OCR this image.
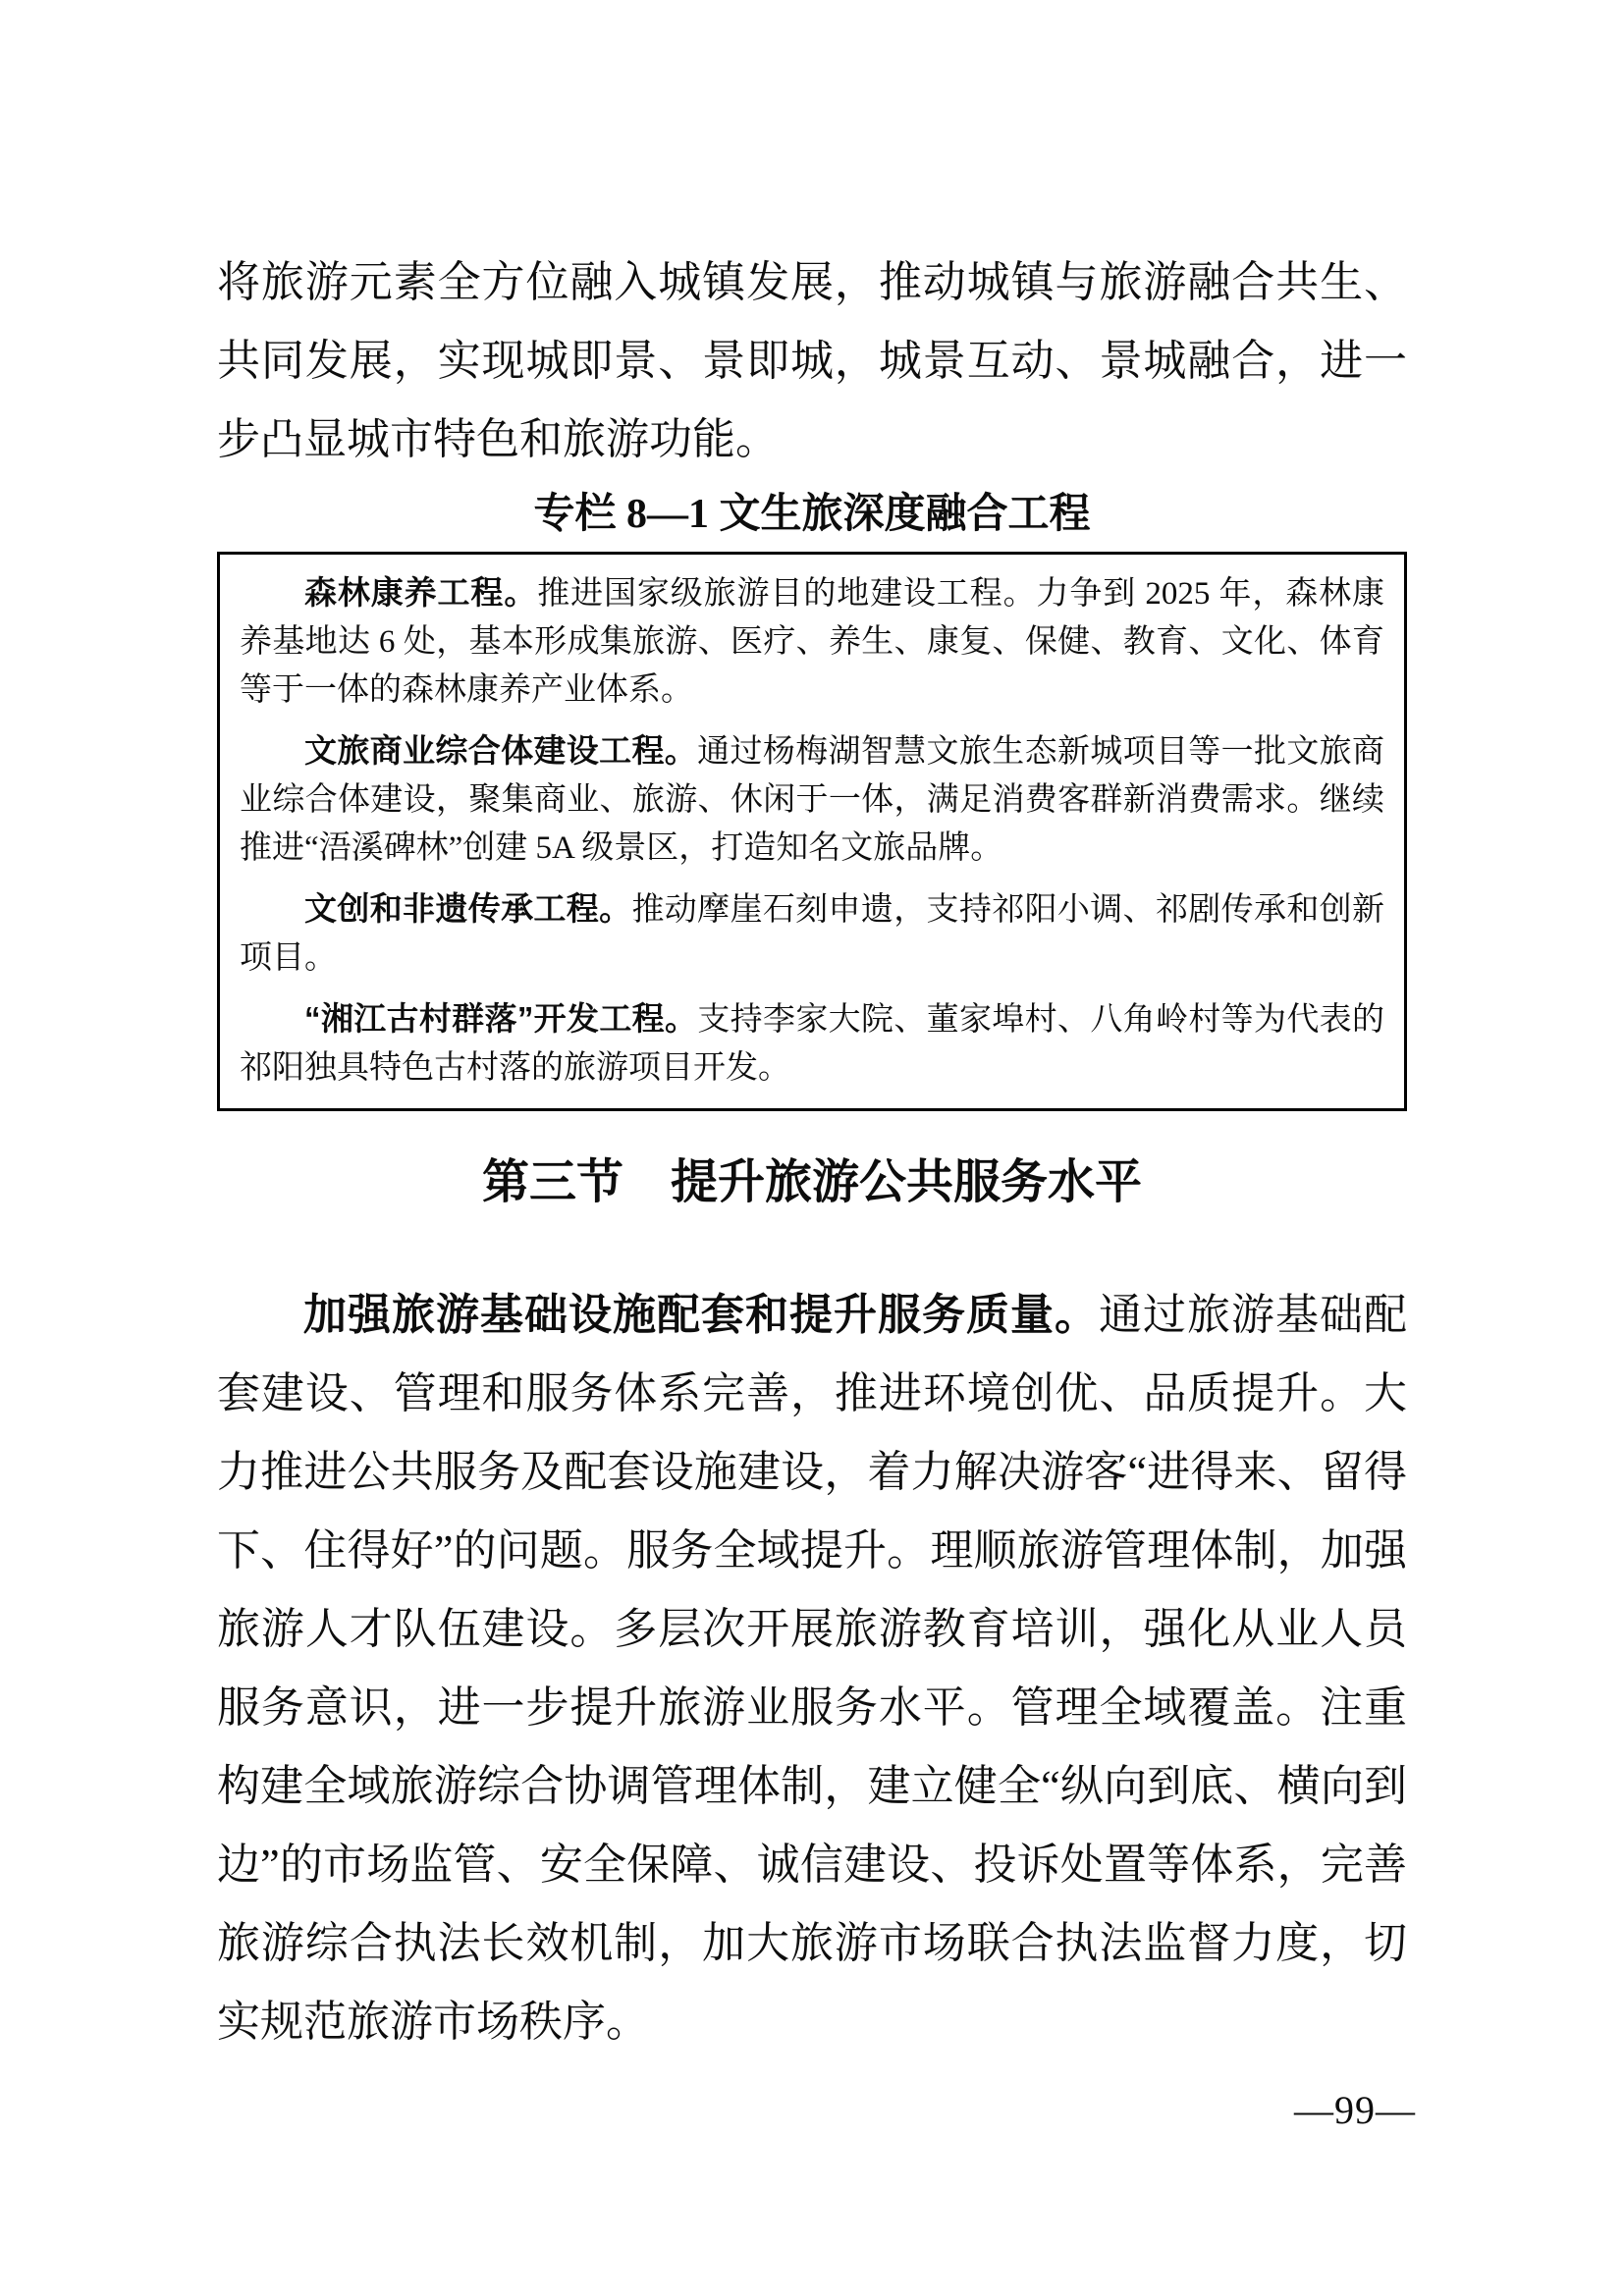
将旅游元素全方位融入城镇发展，推动城镇与旅游融合共生、共同发展，实现城即景、景即城，城景互动、景城融合，进一步凸显城市特色和旅游功能。

专栏 8—1 文生旅深度融合工程

森林康养工程。推进国家级旅游目的地建设工程。力争到 2025 年，森林康养基地达 6 处，基本形成集旅游、医疗、养生、康复、保健、教育、文化、体育等于一体的森林康养产业体系。

文旅商业综合体建设工程。通过杨梅湖智慧文旅生态新城项目等一批文旅商业综合体建设，聚集商业、旅游、休闲于一体，满足消费客群新消费需求。继续推进“浯溪碑林”创建 5A 级景区，打造知名文旅品牌。

文创和非遗传承工程。推动摩崖石刻申遗，支持祁阳小调、祁剧传承和创新项目。

“湘江古村群落”开发工程。支持李家大院、董家埠村、八角岭村等为代表的祁阳独具特色古村落的旅游项目开发。

第三节　提升旅游公共服务水平

加强旅游基础设施配套和提升服务质量。通过旅游基础配套建设、管理和服务体系完善，推进环境创优、品质提升。大力推进公共服务及配套设施建设，着力解决游客“进得来、留得下、住得好”的问题。服务全域提升。理顺旅游管理体制，加强旅游人才队伍建设。多层次开展旅游教育培训，强化从业人员服务意识，进一步提升旅游业服务水平。管理全域覆盖。注重构建全域旅游综合协调管理体制，建立健全“纵向到底、横向到边”的市场监管、安全保障、诚信建设、投诉处置等体系，完善旅游综合执法长效机制，加大旅游市场联合执法监督力度，切实规范旅游市场秩序。

—99—
